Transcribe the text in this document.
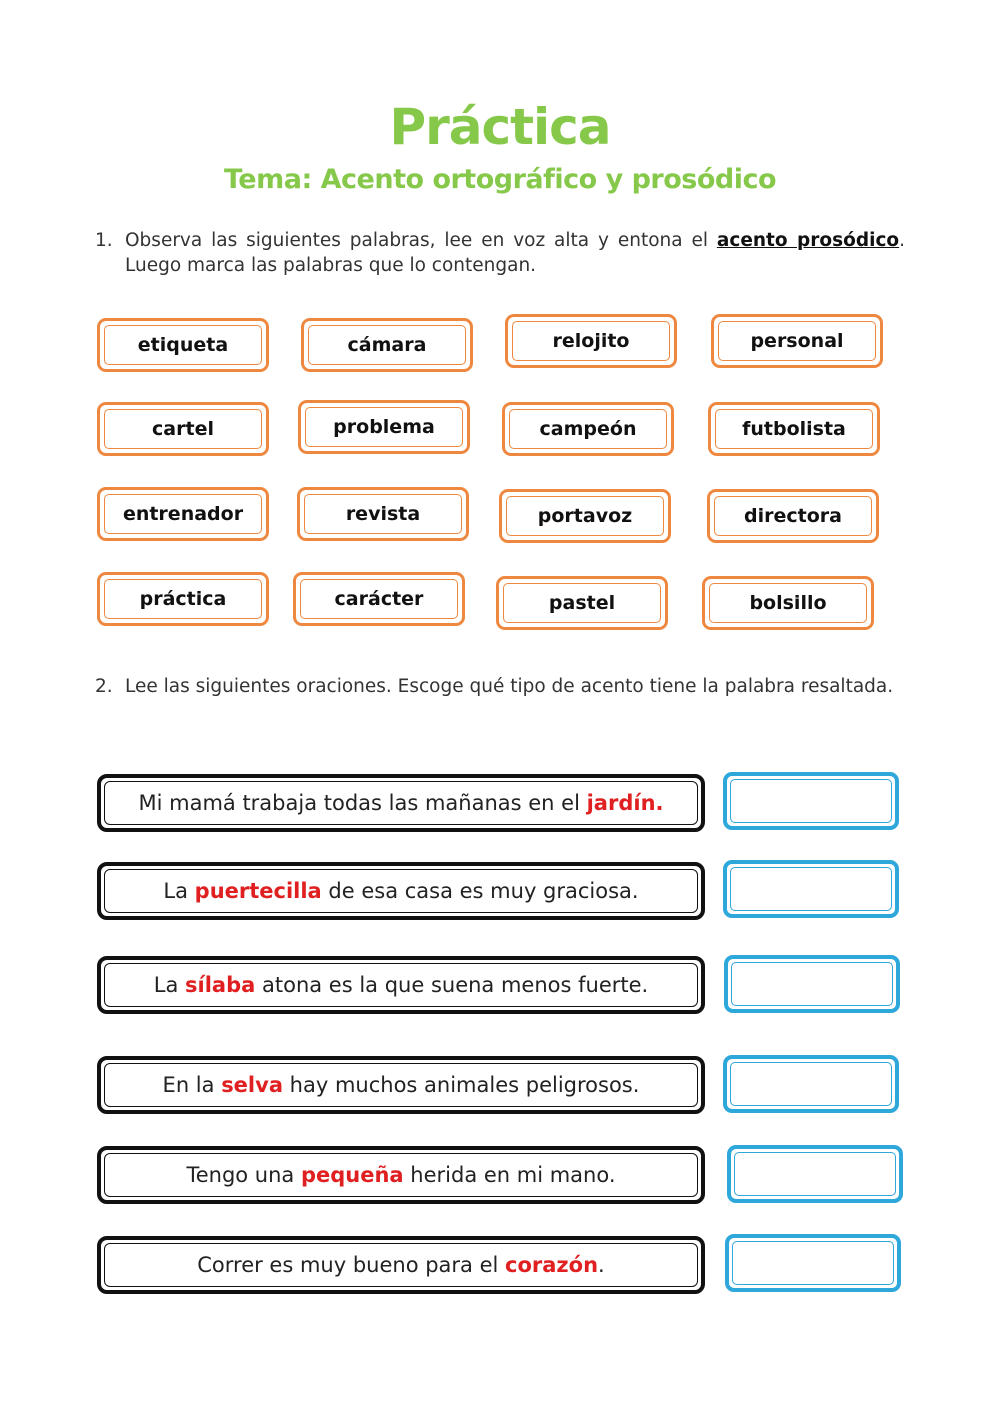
Práctica
Tema: Acento ortográfico y prosódico
1. Observa las siguientes palabras, lee en voz alta y entona el acento prosódico. Luego marca las palabras que lo contengan.
etiqueta	cámara	relojito	personal
cartel	problema	campeón	futbolista
entrenador	revista	portavoz	directora
práctica	carácter	pastel	bolsillo
2. Lee las siguientes oraciones. Escoge qué tipo de acento tiene la palabra resaltada.
Mi mamá trabaja todas las mañanas en el jardín.
La puertecilla de esa casa es muy graciosa.
La sílaba atona es la que suena menos fuerte.
En la selva hay muchos animales peligrosos.
Tengo una pequeña herida en mi mano.
Correr es muy bueno para el corazón .
